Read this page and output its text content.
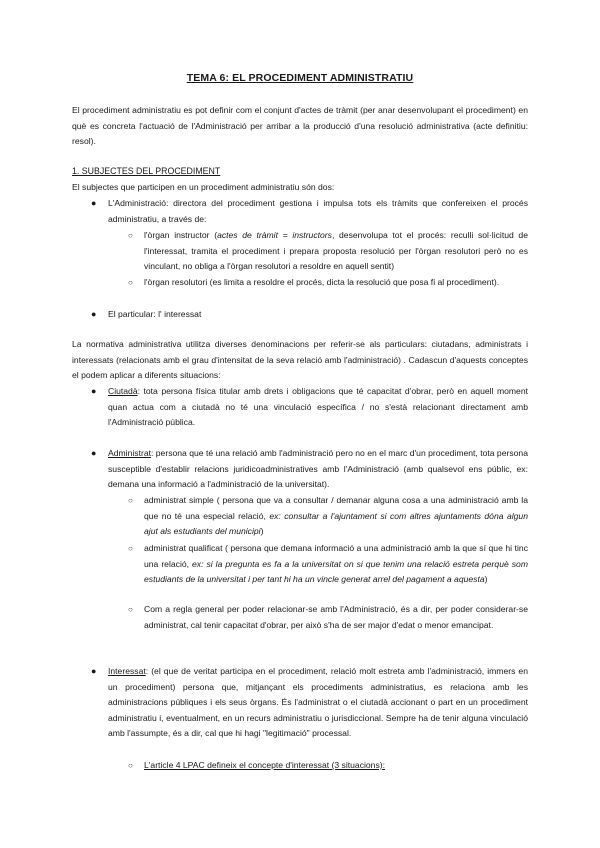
TEMA 6: EL PROCEDIMENT ADMINISTRATIU

El procediment administratiu es pot definir com el conjunt d'actes de tràmit (per anar desenvolupant el procediment) en què es concreta l'actuació de l'Administració per arribar a la producció d'una resolució administrativa (acte definitiu: resol).

1. SUBJECTES DEL PROCEDIMENT

El subjectes que participen en un procediment administratiu són dos:

● L'Administració: directora del procediment gestiona i impulsa tots els tràmits que confereixen el procés administratiu, a través de:

○ l'òrgan instructor (actes de tràmit = instructors, desenvolupa tot el procés: reculli sol·licitud de l'interessat, tramita el procediment i prepara proposta resolució per l'òrgan resolutori però no es vinculant, no obliga a l'òrgan resolutori a resoldre en aquell sentit)

○ l'òrgan resolutori (es limita a resoldre el procés, dicta la resolució que posa fi al procediment).

● El particular: l' interessat

La normativa administrativa utilitza diverses denominacions per referir-se als particulars: ciutadans, administrats i interessats (relacionats amb el grau d'intensitat de la seva relació amb l'administració) . Cadascun d'aquests conceptes el podem aplicar a diferents situacions:

● Ciutadà: tota persona física titular amb drets i obligacions que té capacitat d'obrar, però en aquell moment quan actua com a ciutadà no té una vinculació específica / no s'està relacionant directament amb l'Administració pública.

● Administrat: persona que té una relació amb l'administració pero no en el marc d'un procediment, tota persona susceptible d'establir relacions juridicoadministratives amb l'Administració (amb qualsevol ens públic, ex: demana una informació a l'administració de la universitat).

○ administrat simple ( persona que va a consultar / demanar alguna cosa a una administració amb la que no té una especial relació, ex: consultar a l'ajuntament si com altres ajuntaments dóna algun ajut als estudiants del municipi)

○ administrat qualificat ( persona que demana informació a una administració amb la que sí que hi tinc una relació, ex: si la pregunta es fa a la universitat on si que tenim una relació estreta perquè som estudiants de la universitat i per tant hi ha un vincle generat arrel del pagament a aquesta)

○ Com a regla general per poder relacionar-se amb l'Administració, és a dir, per poder considerar-se administrat, cal tenir capacitat d'obrar, per això s'ha de ser major d'edat o menor emancipat.

● Interessat: (el que de veritat participa en el procediment, relació molt estreta amb l'administració, immers en un procediment) persona que, mitjançant els procediments administratius, es relaciona amb les administracions públiques i els seus òrgans. És l'administrat o el ciutadà accionant o part en un procediment administratiu i, eventualment, en un recurs administratiu o jurisdiccional. Sempre ha de tenir alguna vinculació amb l'assumpte, és a dir, cal que hi hagi "legitimació" processal.

○ L'article 4 LPAC defineix el concepte d'interessat (3 situacions):
